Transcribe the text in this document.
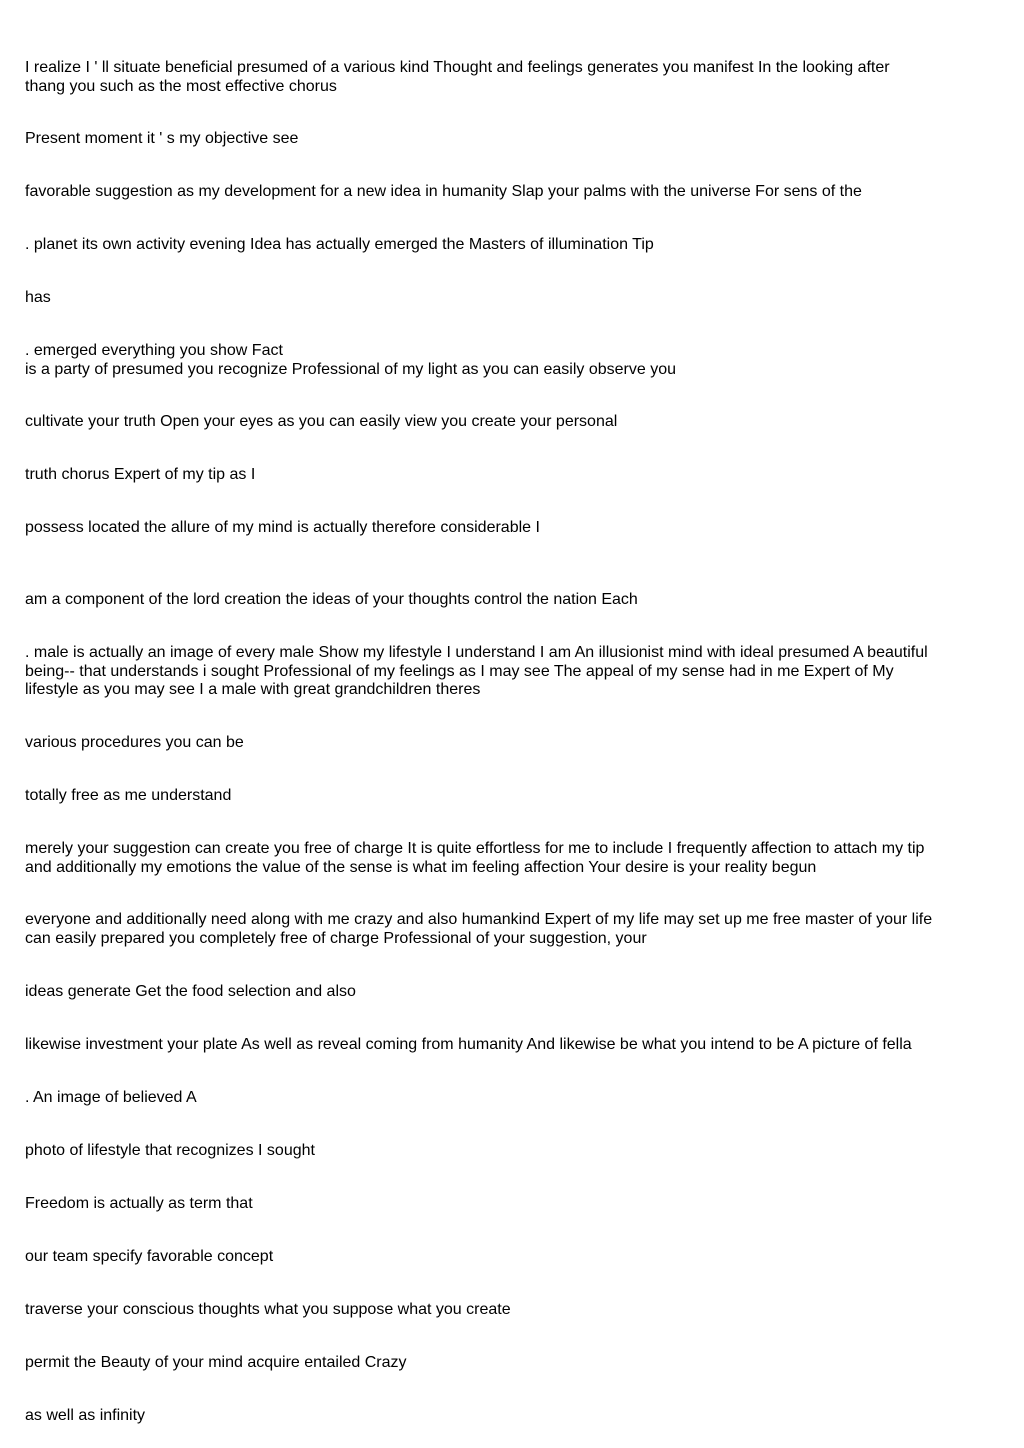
I realize I ' ll situate beneficial presumed of a various kind Thought and feelings generates you manifest In the looking after
thang you such as the most effective chorus

Present moment it ' s my objective see

favorable suggestion as my development for a new idea in humanity Slap your palms with the universe For sens of the

. planet its own activity evening Idea has actually emerged the Masters of illumination Tip

has

. emerged everything you show Fact
is a party of presumed you recognize Professional of my light as you can easily observe you

cultivate your truth Open your eyes as you can easily view you create your personal

truth chorus Expert of my tip as I

possess located the allure of my mind is actually therefore considerable I

am a component of the lord creation the ideas of your thoughts control the nation Each

. male is actually an image of every male Show my lifestyle I understand I am An illusionist mind with ideal presumed A beautiful
being-- that understands i sought Professional of my feelings as I may see The appeal of my sense had in me Expert of My
lifestyle as you may see I a male with great grandchildren theres

various procedures you can be

totally free as me understand

merely your suggestion can create you free of charge It is quite effortless for me to include I frequently affection to attach my tip
and additionally my emotions the value of the sense is what im feeling affection Your desire is your reality begun

everyone and additionally need along with me crazy and also humankind Expert of my life may set up me free master of your life
can easily prepared you completely free of charge Professional of your suggestion, your

ideas generate Get the food selection and also

likewise investment your plate As well as reveal coming from humanity And likewise be what you intend to be A picture of fella

. An image of believed A

photo of lifestyle that recognizes I sought

Freedom is actually as term that

our team specify favorable concept

traverse your conscious thoughts what you suppose what you create

permit the Beauty of your mind acquire entailed Crazy

as well as infinity
